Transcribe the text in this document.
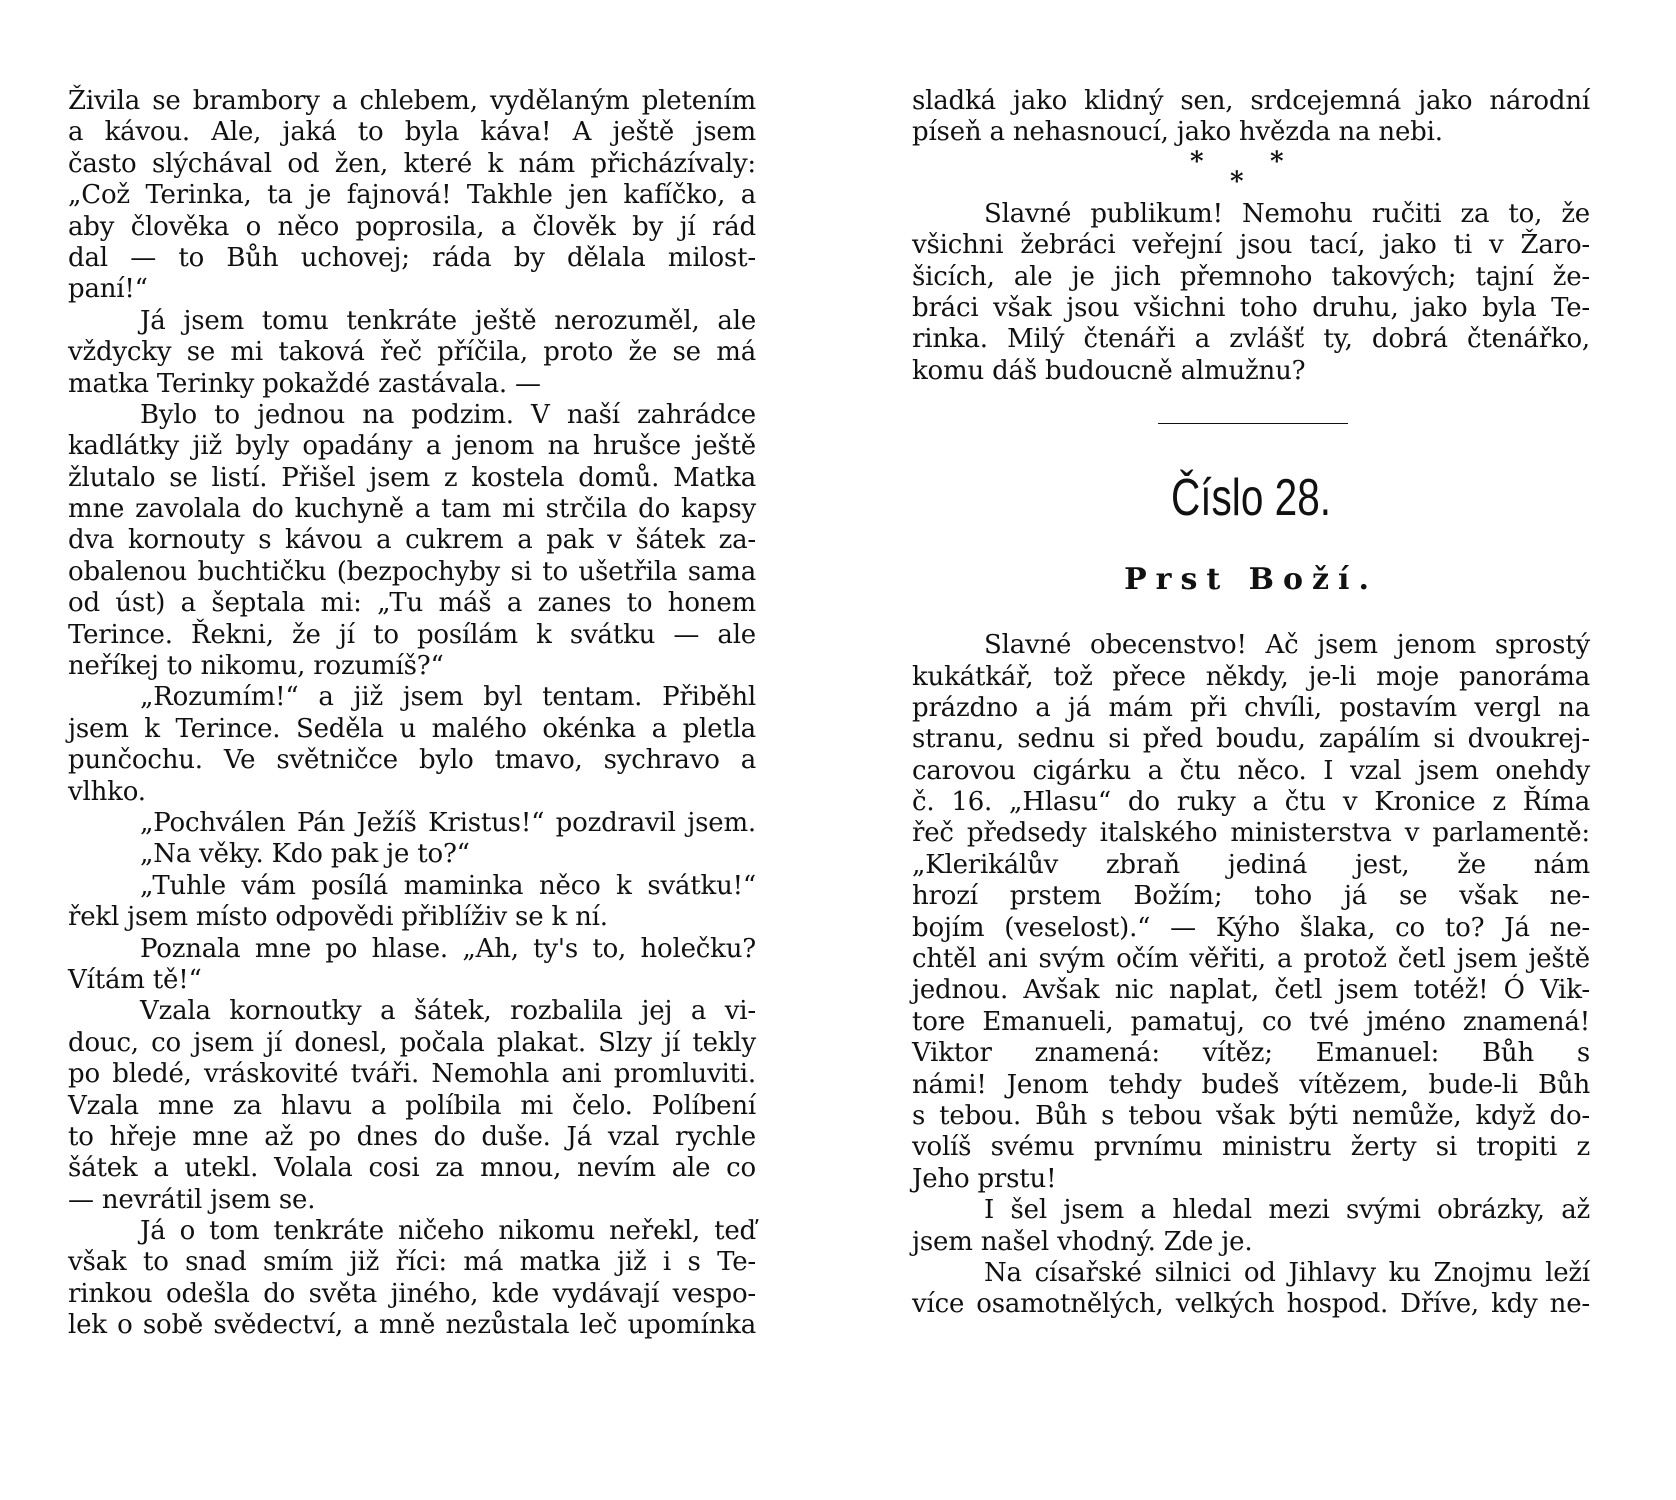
Živila se brambory a chlebem, vydělaným pletením
a kávou. Ale, jaká to byla káva! A ještě jsem
často slýchával od žen, které k nám přicházívaly:
„Což Terinka, ta je fajnová! Takhle jen kafíčko, a
aby člověka o něco poprosila, a člověk by jí rád
dal — to Bůh uchovej; ráda by dělala milost-
paní!“
Já jsem tomu tenkráte ještě nerozuměl, ale
vždycky se mi taková řeč příčila, proto že se má
matka Terinky pokaždé zastávala. —
Bylo to jednou na podzim. V naší zahrádce
kadlátky již byly opadány a jenom na hrušce ještě
žlutalo se listí. Přišel jsem z kostela domů. Matka
mne zavolala do kuchyně a tam mi strčila do kapsy
dva kornouty s kávou a cukrem a pak v šátek za-
obalenou buchtičku (bezpochyby si to ušetřila sama
od úst) a šeptala mi: „Tu máš a zanes to honem
Terince. Řekni, že jí to posílám k svátku — ale
neříkej to nikomu, rozumíš?“
„Rozumím!“ a již jsem byl tentam. Přiběhl
jsem k Terince. Seděla u malého okénka a pletla
punčochu. Ve světničce bylo tmavo, sychravo a
vlhko.
„Pochválen Pán Ježíš Kristus!“ pozdravil jsem.
„Na věky. Kdo pak je to?“
„Tuhle vám posílá maminka něco k svátku!“
řekl jsem místo odpovědi přiblíživ se k ní.
Poznala mne po hlase. „Ah, ty's to, holečku?
Vítám tě!“
Vzala kornoutky a šátek, rozbalila jej a vi-
douc, co jsem jí donesl, počala plakat. Slzy jí tekly
po bledé, vráskovité tváři. Nemohla ani promluviti.
Vzala mne za hlavu a políbila mi čelo. Políbení
to hřeje mne až po dnes do duše. Já vzal rychle
šátek a utekl. Volala cosi za mnou, nevím ale co
— nevrátil jsem se.
Já o tom tenkráte ničeho nikomu neřekl, teď
však to snad smím již říci: má matka již i s Te-
rinkou odešla do světa jiného, kde vydávají vespo-
lek o sobě svědectví, a mně nezůstala leč upomínka
sladká jako klidný sen, srdcejemná jako národní
píseň a nehasnoucí, jako hvězda na nebi.
*	*
*
Slavné publikum! Nemohu ručiti za to, že
všichni žebráci veřejní jsou tací, jako ti v Žaro-
šicích, ale je jich přemnoho takových; tajní že-
bráci však jsou všichni toho druhu, jako byla Te-
rinka. Milý čtenáři a zvlášť ty, dobrá čtenářko,
komu dáš budoucně almužnu?
Číslo 28.
Prst Boží.
Slavné obecenstvo! Ač jsem jenom sprostý
kukátkář, tož přece někdy, je-li moje panoráma
prázdno a já mám při chvíli, postavím vergl na
stranu, sednu si před boudu, zapálím si dvoukrej-
carovou cigárku a čtu něco. I vzal jsem onehdy
č. 16. „Hlasu“ do ruky a čtu v Kronice z Říma
řeč předsedy italského ministerstva v parlamentě:
„Klerikálův zbraň jediná jest, že nám
hrozí prstem Božím; toho já se však ne-
bojím (veselost).“ — Kýho šlaka, co to? Já ne-
chtěl ani svým očím věřiti, a protož četl jsem ještě
jednou. Avšak nic naplat, četl jsem totéž! Ó Vik-
tore Emanueli, pamatuj, co tvé jméno znamená!
Viktor znamená: vítěz; Emanuel: Bůh s
námi! Jenom tehdy budeš vítězem, bude-li Bůh
s tebou. Bůh s tebou však býti nemůže, když do-
volíš svému prvnímu ministru žerty si tropiti z
Jeho prstu!
I šel jsem a hledal mezi svými obrázky, až
jsem našel vhodný. Zde je.
Na císařské silnici od Jihlavy ku Znojmu leží
více osamotnělých, velkých hospod. Dříve, kdy ne-
